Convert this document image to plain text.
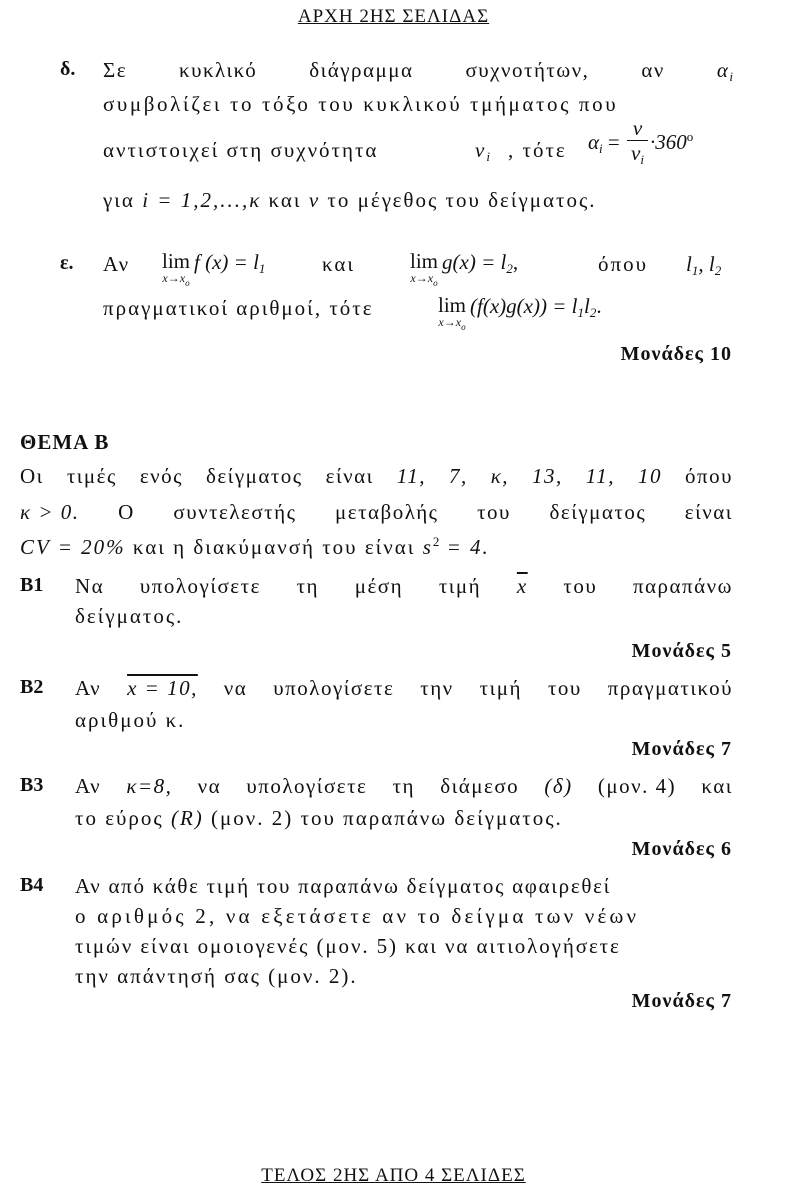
ΑΡΧΗ 2ΗΣ ΣΕΛΙΔΑΣ
δ. Σε κυκλικό διάγραμμα συχνοτήτων, αν $\alpha_i$
συμβολίζει το τόξο του κυκλικού τμήματος που
αντιστοιχεί στη συχνότητα	$v_i$ , τότε $\alpha_i = \frac{v}{v_i} \cdot 360^o$
για i = 1,2,...,κ και v το μέγεθος του δείγματος.
ε. Αν lim
$x\to x_o$
f $(x) = l_1$	και	lim
$x\to x_o$
$g(x) = l_2$,	όπου $l_1$, $l_2$
πραγματικοί αριθμοί, τότε	lim
$x\to x_o$
$(f(x)g(x)) = l_1l_2$.
Μονάδες 10
ΘΕΜΑ Β
Οι τιμές ενός δείγματος είναι 11, 7, κ, 13, 11, 10 όπου
κ > 0. Ο συντελεστής μεταβολής του δείγματος είναι
CV = 20% και η διακύμανσή του είναι $s^2 = 4$.
Β1 Να υπολογίσετε τη μέση τιμή $\overline{x}$ του παραπάνω
δείγματος.
Μονάδες 5
Β2 Αν x = 10, να υπολογίσετε την τιμή του πραγματικού
αριθμού κ.
Μονάδες 7
Β3 Αν κ=8, να υπολογίσετε τη διάμεσο (δ) (μον. 4) και
το εύρος (R) (μον. 2) του παραπάνω δείγματος.
Μονάδες 6
Β4 Αν από κάθε τιμή του παραπάνω δείγματος αφαιρεθεί
ο αριθμός 2, να εξετάσετε αν το δείγμα των νέων
τιμών είναι ομοιογενές (μον. 5) και να αιτιολογήσετε
την απάντησή σας (μον. 2).
Μονάδες 7
ΤΕΛΟΣ 2ΗΣ ΑΠΟ 4 ΣΕΛΙΔΕΣ
